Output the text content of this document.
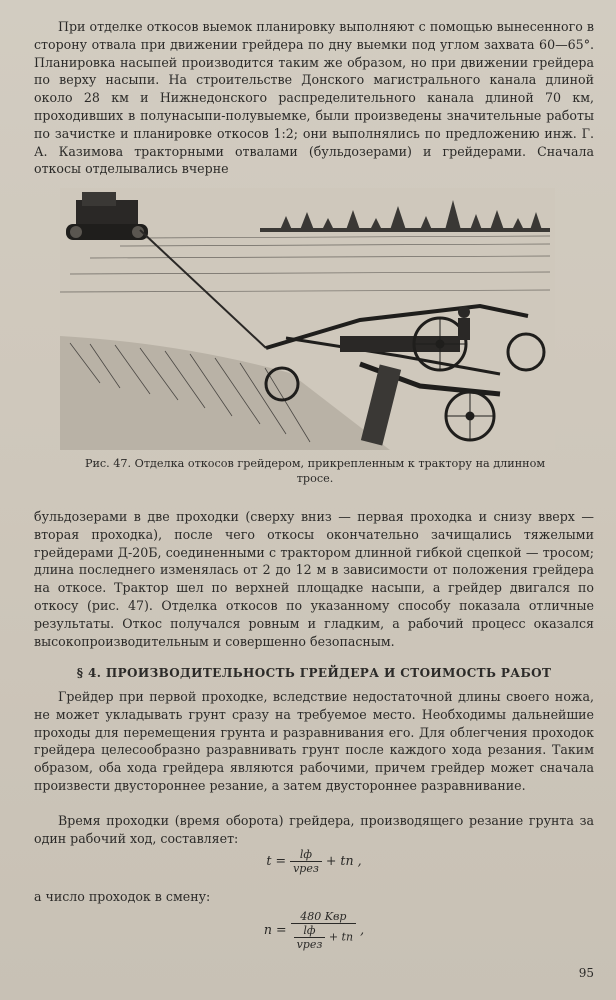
При отделке откосов выемок планировку выполняют с помощью вынесенного в сторону отвала при движении грейдера по дну выемки под углом захвата 60—65°. Планировка насыпей производится таким же образом, но при движении грейдера по верху насыпи. На строительстве Донского магистрального канала длиной около 28 км и Нижнедонского распределительного канала длиной 70 км, проходивших в полунасыпи-полувыемке, были произведены значительные работы по зачистке и планировке откосов 1:2; они выполнялись по предложению инж. Г. А. Казимова тракторными отвалами (бульдозерами) и грейдерами. Сначала откосы отделывались вчерне

Рис. 47. Отделка откосов грейдером, прикрепленным к трактору на длинном тросе.

бульдозерами в две проходки (сверху вниз — первая проходка и снизу вверх — вторая проходка), после чего откосы окончательно зачищались тяжелыми грейдерами Д-20Б, соединенными с трактором длинной гибкой сцепкой — тросом; длина последнего изменялась от 2 до 12 м в зависимости от положения грейдера на откосе. Трактор шел по верхней площадке насыпи, а грейдер двигался по откосу (рис. 47). Отделка откосов по указанному способу показала отличные результаты. Откос получался ровным и гладким, а рабочий процесс оказался высокопроизводительным и совершенно безопасным.

§ 4. ПРОИЗВОДИТЕЛЬНОСТЬ ГРЕЙДЕРА И СТОИМОСТЬ РАБОТ

Грейдер при первой проходке, вследствие недостаточной длины своего ножа, не может укладывать грунт сразу на требуемое место. Необходимы дальнейшие проходы для перемещения грунта и разравнивания его. Для облегчения проходок грейдера целесообразно разравнивать грунт после каждого хода резания. Таким образом, оба хода грейдера являются рабочими, причем грейдер может сначала произвести двустороннее резание, а затем двустороннее разравнивание.

Время проходки (время оборота) грейдера, производящего резание грунта за один рабочий ход, составляет:

$t = \frac{lф}{\text{vрез}}$ + tп ,

а число проходок в смену:

$n = \frac{\text{480 Kвр}}{\frac{lф}{\text{vрез}} + tп}$ ,

95
